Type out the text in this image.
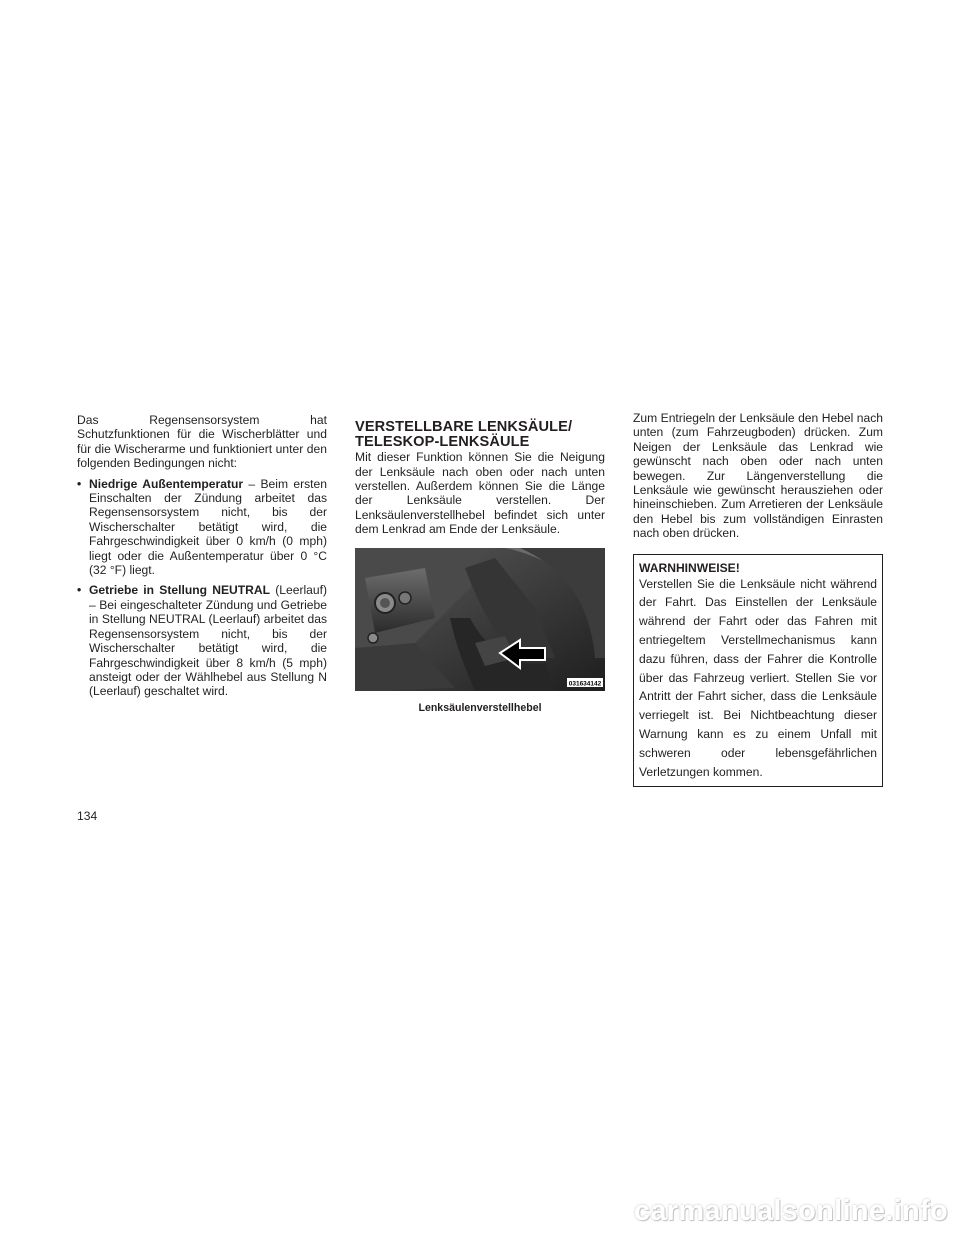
Das Regensensorsystem hat Schutzfunktionen für die Wischerblätter und für die Wischerarme und funktioniert unter den folgenden Bedingungen nicht:

• Niedrige Außentemperatur – Beim ersten Einschalten der Zündung arbeitet das Regensensorsystem nicht, bis der Wischerschalter betätigt wird, die Fahrgeschwindigkeit über 0 km/h (0 mph) liegt oder die Außentemperatur über 0 °C (32 °F) liegt.
• Getriebe in Stellung NEUTRAL (Leerlauf) – Bei eingeschalteter Zündung und Getriebe in Stellung NEUTRAL (Leerlauf) arbeitet das Regensensorsystem nicht, bis der Wischerschalter betätigt wird, die Fahrgeschwindigkeit über 8 km/h (5 mph) ansteigt oder der Wählhebel aus Stellung N (Leerlauf) geschaltet wird.
VERSTELLBARE LENKSÄULE/
TELESKOP-LENKSÄULE

Mit dieser Funktion können Sie die Neigung der Lenksäule nach oben oder nach unten verstellen. Außerdem können Sie die Länge der Lenksäule verstellen. Der Lenksäulenverstellhebel befindet sich unter dem Lenkrad am Ende der Lenksäule.

031634142
Lenksäulenverstellhebel

Zum Entriegeln der Lenksäule den Hebel nach unten (zum Fahrzeugboden) drücken. Zum Neigen der Lenksäule das Lenkrad wie gewünscht nach oben oder nach unten bewegen. Zur Längenverstellung die Lenksäule wie gewünscht herausziehen oder hineinschieben. Zum Arretieren der Lenksäule den Hebel bis zum vollständigen Einrasten nach oben drücken.

WARNHINWEISE!

Verstellen Sie die Lenksäule nicht während der Fahrt. Das Einstellen der Lenksäule während der Fahrt oder das Fahren mit entriegeltem Verstellmechanismus kann dazu führen, dass der Fahrer die Kontrolle über das Fahrzeug verliert. Stellen Sie vor Antritt der Fahrt sicher, dass die Lenksäule verriegelt ist. Bei Nichtbeachtung dieser Warnung kann es zu einem Unfall mit schweren oder lebensgefährlichen Verletzungen kommen.

134
carmanualsonline.info
